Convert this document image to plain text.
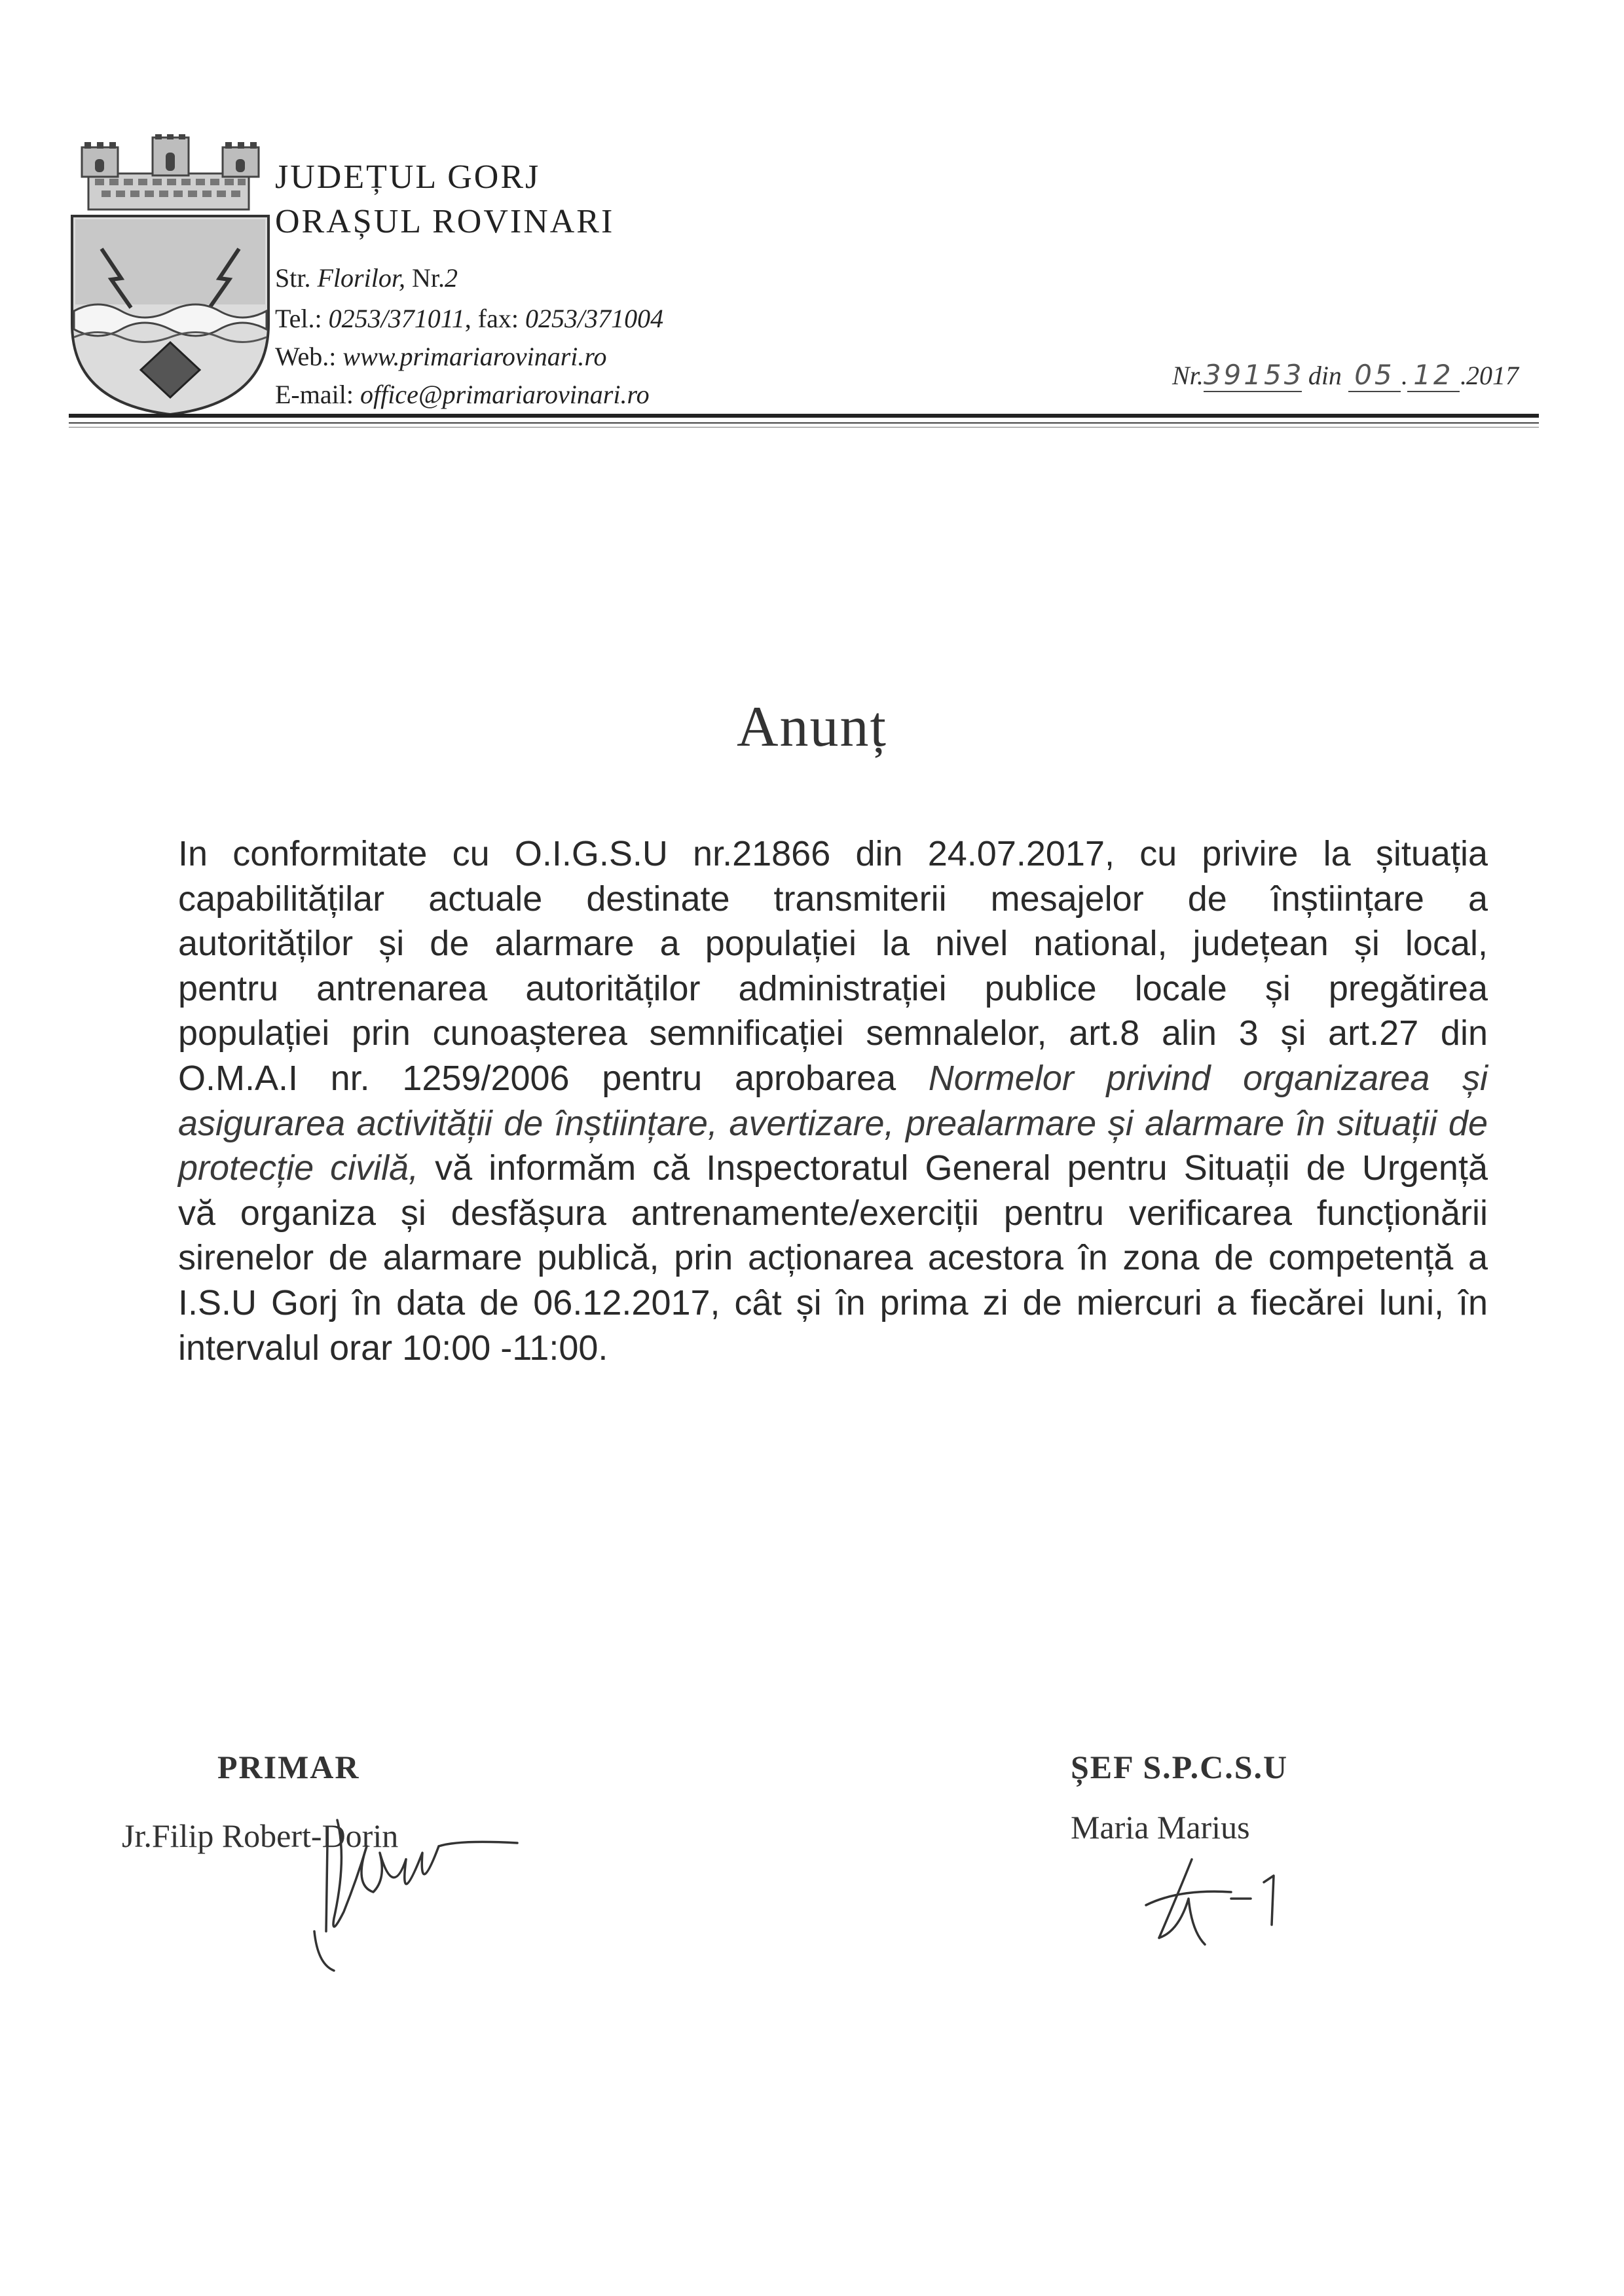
JUDEȚUL GORJ
ORAȘUL ROVINARI
Str. Florilor, Nr.2
Tel.: 0253/371011, fax: 0253/371004
Web.: www.primariarovinari.ro
E-mail: office@primariarovinari.ro
Nr.39153 din 05 . 12 .2017
Anunț
In conformitate cu O.I.G.S.U nr.21866 din 24.07.2017, cu privire la șituația
capabilitățilar actuale destinate transmiterii mesajelor de înștiințare a
autorităților și de alarmare a populației la nivel national, județean și local,
pentru antrenarea autorităților administrației publice locale și pregătirea
populației prin cunoașterea semnificației semnalelor, art.8 alin 3 și art.27 din
O.M.A.I nr. 1259/2006 pentru aprobarea Normelor privind organizarea și
asigurarea activității de înștiințare, avertizare, prealarmare și alarmare în situații de
protecție civilă, vă informăm că Inspectoratul General pentru Situații de Urgență
vă organiza și desfășura antrenamente/exerciții pentru verificarea funcționării
sirenelor de alarmare publică, prin acționarea acestora în zona de competență a
I.S.U Gorj în data de 06.12.2017, cât și în prima zi de miercuri a fiecărei luni, în
intervalul orar 10:00 -11:00.
PRIMAR
Jr.Filip Robert-Dorin
ȘEF S.P.C.S.U
Maria Marius
